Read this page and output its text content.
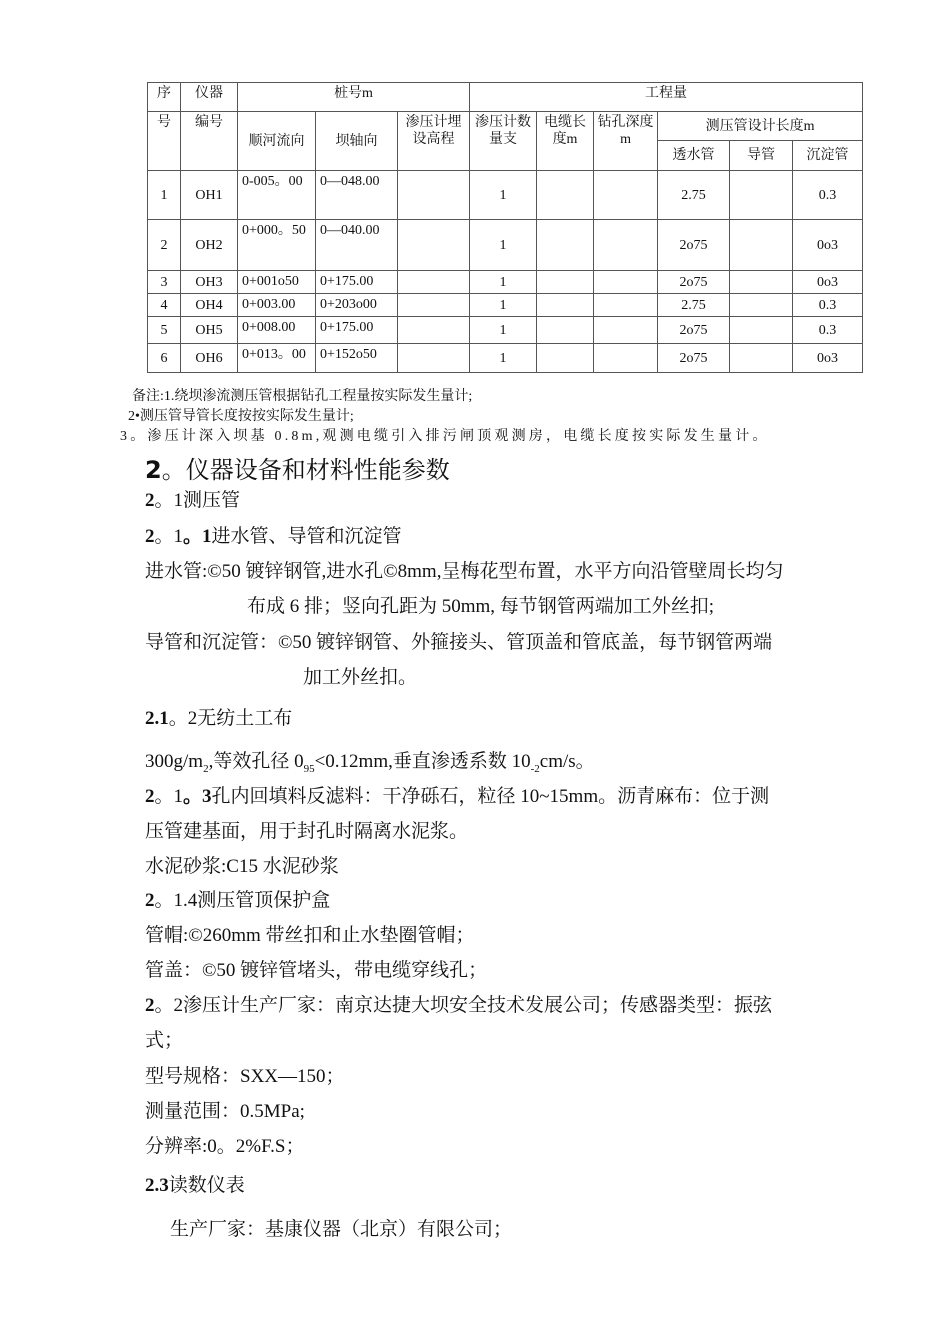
序	仪器	桩号m			工程量					
号	编号	顺河流向	坝轴向	渗压计埋设高程	渗压计数量支	电缆长度m	钻孔深度m	测压管设计长度m		
								透水管	导管	沉淀管
1	OH1	0-005。00	0—048.00		1			2.75		0.3
2	OH2	0+000。50	0—040.00		1			2o75		0o3
3	OH3	0+001o50	0+175.00		1			2o75		0o3
4	OH4	0+003.00	0+203o00		1			2.75		0.3
5	OH5	0+008.00	0+175.00		1			2o75		0.3
6	OH6	0+013。00	0+152o50		1			2o75		0o3
备注:1.绕坝渗流测压管根据钻孔工程量按实际发生量计;
2•测压管导管长度按按实际发生量计;
3。渗压计深入坝基 0.8m,观测电缆引入排污闸顶观测房，电缆长度按实际发生量计。
2。仪器设备和材料性能参数
2。1测压管
2。1。1进水管、导管和沉淀管
进水管:©50 镀锌钢管,进水孔©8mm,呈梅花型布置，水平方向沿管壁周长均匀
布成 6 排；竖向孔距为 50mm, 每节钢管两端加工外丝扣;
导管和沉淀管：©50 镀锌钢管、外箍接头、管顶盖和管底盖，每节钢管两端
加工外丝扣。
2.1。2无纺土工布
$300g/m_2$,等效孔径 $0_{95}<0.12mm$,垂直渗透系数 $10_{-2}cm/s$。
2。1。3孔内回填料反滤料：干净砾石，粒径 10~15mm。沥青麻布：位于测
压管建基面，用于封孔时隔离水泥浆。
水泥砂浆:C15 水泥砂浆
2。1.4测压管顶保护盒
管帽:©260mm 带丝扣和止水垫圈管帽；
管盖：©50 镀锌管堵头，带电缆穿线孔；
2。2渗压计生产厂家：南京达捷大坝安全技术发展公司；传感器类型：振弦
式；
型号规格：SXX—150；
测量范围：0.5MPa;
分辨率:0。2%F.S；
2.3读数仪表
生产厂家：基康仪器（北京）有限公司；
